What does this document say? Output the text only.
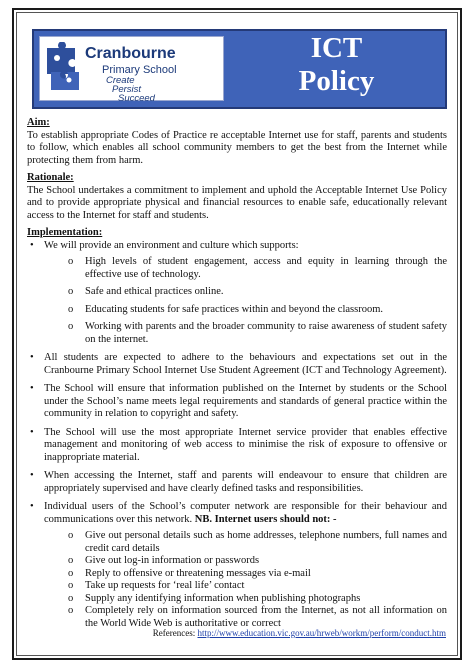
Cranbourne
Primary School
Create
Persist
Succeed
ICT
Policy

Aim:

To establish appropriate Codes of Practice re acceptable Internet use for staff, parents and students to follow, which enables all school community members to get the best from the Internet while protecting them from harm.

Rationale:

The School undertakes a commitment to implement and uphold the Acceptable Internet Use Policy and to provide appropriate physical and financial resources to enable safe, educationally relevant access to the Internet for staff and students.

Implementation:

• We will provide an environment and culture which supports:
o High levels of student engagement, access and equity in learning through the effective use of technology.
o Safe and ethical practices online.
o Educating students for safe practices within and beyond the classroom.
o Working with parents and the broader community to raise awareness of student safety on the internet.
• All students are expected to adhere to the behaviours and expectations set out in the Cranbourne Primary School Internet Use Student Agreement (ICT and Technology Agreement).
• The School will ensure that information published on the Internet by students or the School under the School’s name meets legal requirements and standards of general practice within the community in relation to copyright and safety.
• The School will use the most appropriate Internet service provider that enables effective management and monitoring of web access to minimise the risk of exposure to offensive or inappropriate material.
• When accessing the Internet, staff and parents will endeavour to ensure that children are appropriately supervised and have clearly defined tasks and responsibilities.
• Individual users of the School’s computer network are responsible for their behaviour and communications over this network. NB. Internet users should not: -
o Give out personal details such as home addresses, telephone numbers, full names and credit card details
o Give out log-in information or passwords
o Reply to offensive or threatening messages via e-mail
o Take up requests for ‘real life’ contact
o Supply any identifying information when publishing photographs
o Completely rely on information sourced from the Internet, as not all information on the World Wide Web is authoritative or correct
References: http://www.education.vic.gov.au/hrweb/workm/perform/conduct.htm
